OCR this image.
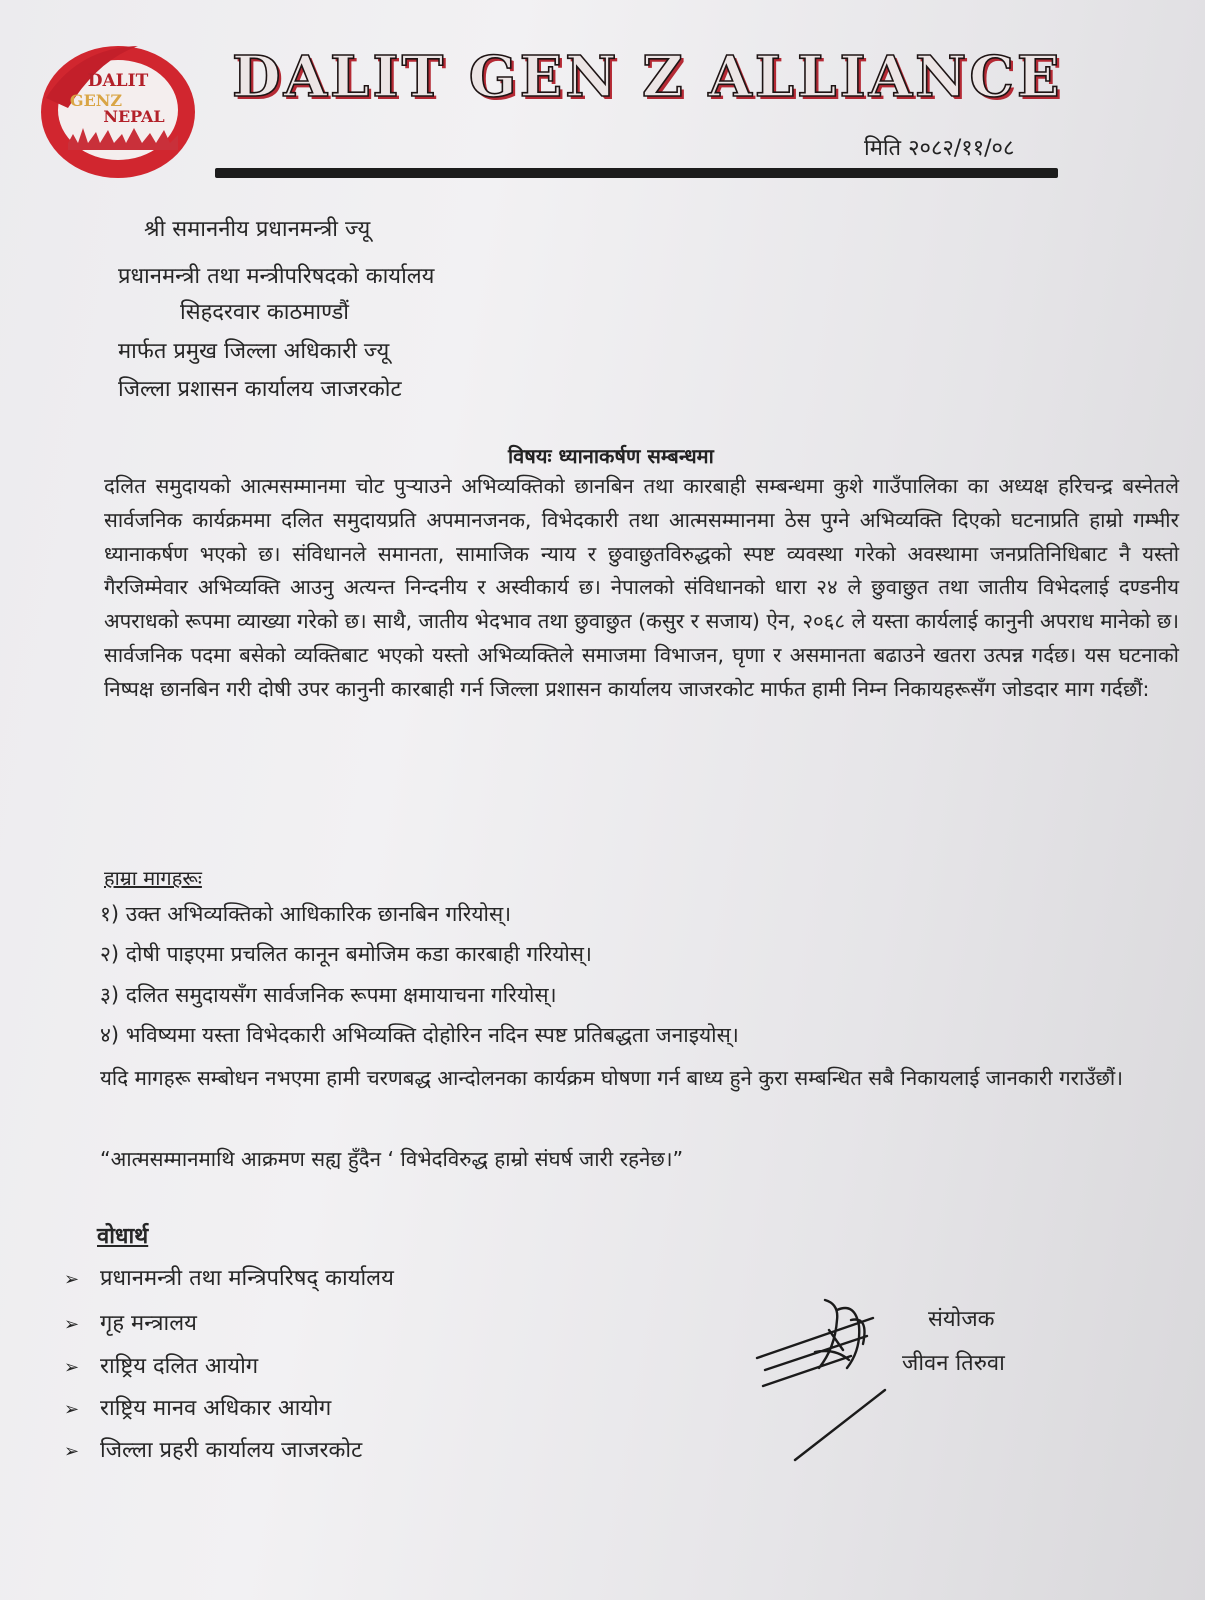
DALIT
GENZ
NEPAL
DALIT GEN Z ALLIANCE
मिति २०८२/११/०८
श्री समाननीय प्रधानमन्त्री ज्यू
प्रधानमन्त्री तथा मन्त्रीपरिषदको कार्यालय
सिहदरवार काठमाण्डौं
मार्फत प्रमुख जिल्ला अधिकारी ज्यू
जिल्ला प्रशासन कार्यालय जाजरकोट
विषयः ध्यानाकर्षण सम्बन्धमा
दलित समुदायको आत्मसम्मानमा चोट पुर्‍याउने अभिव्यक्तिको छानबिन तथा कारबाही सम्बन्धमा कुशे गाउँपालिका का अध्यक्ष हरिचन्द्र बस्नेतले सार्वजनिक कार्यक्रममा दलित समुदायप्रति अपमानजनक, विभेदकारी तथा आत्मसम्मानमा ठेस पुग्ने अभिव्यक्ति दिएको घटनाप्रति हाम्रो गम्भीर ध्यानाकर्षण भएको छ। संविधानले समानता, सामाजिक न्याय र छुवाछुतविरुद्धको स्पष्ट व्यवस्था गरेको अवस्थामा जनप्रतिनिधिबाट नै यस्तो गैरजिम्मेवार अभिव्यक्ति आउनु अत्यन्त निन्दनीय र अस्वीकार्य छ। नेपालको संविधानको धारा २४ ले छुवाछुत तथा जातीय विभेदलाई दण्डनीय अपराधको रूपमा व्याख्या गरेको छ। साथै, जातीय भेदभाव तथा छुवाछुत (कसुर र सजाय) ऐन, २०६८ ले यस्ता कार्यलाई कानुनी अपराध मानेको छ। सार्वजनिक पदमा बसेको व्यक्तिबाट भएको यस्तो अभिव्यक्तिले समाजमा विभाजन, घृणा र असमानता बढाउने खतरा उत्पन्न गर्दछ। यस घटनाको निष्पक्ष छानबिन गरी दोषी उपर कानुनी कारबाही गर्न जिल्ला प्रशासन कार्यालय जाजरकोट मार्फत हामी निम्न निकायहरूसँग जोडदार माग गर्दछौं:
हाम्रा मागहरूः
१) उक्त अभिव्यक्तिको आधिकारिक छानबिन गरियोस्।
२) दोषी पाइएमा प्रचलित कानून बमोजिम कडा कारबाही गरियोस्।
३) दलित समुदायसँग सार्वजनिक रूपमा क्षमायाचना गरियोस्।
४) भविष्यमा यस्ता विभेदकारी अभिव्यक्ति दोहोरिन नदिन स्पष्ट प्रतिबद्धता जनाइयोस्।
यदि मागहरू सम्बोधन नभएमा हामी चरणबद्ध आन्दोलनका कार्यक्रम घोषणा गर्न बाध्य हुने कुरा सम्बन्धित सबै निकायलाई जानकारी गराउँछौं।
“आत्मसम्मानमाथि आक्रमण सह्य हुँदैन ‘ विभेदविरुद्ध हाम्रो संघर्ष जारी रहनेछ।”
वोधार्थ
➢ प्रधानमन्त्री तथा मन्त्रिपरिषद् कार्यालय
➢ गृह मन्त्रालय
➢ राष्ट्रिय दलित आयोग
➢ राष्ट्रिय मानव अधिकार आयोग
➢ जिल्ला प्रहरी कार्यालय जाजरकोट
संयोजक
जीवन तिरुवा
